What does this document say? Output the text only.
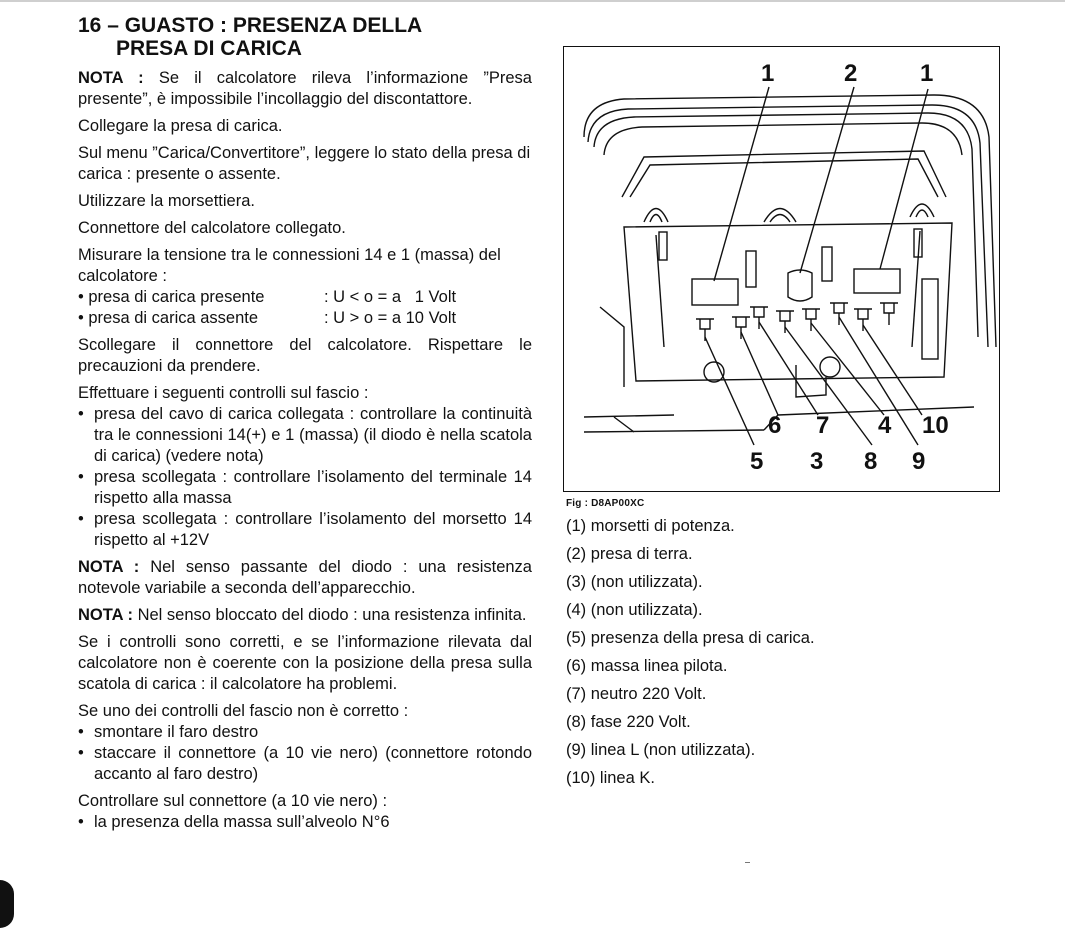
16 – GUASTO : PRESENZA DELLA
PRESA DI CARICA

NOTA : Se il calcolatore rileva l’informazione ”Presa presente”, è impossibile l’incollaggio del discontattore.

Collegare la presa di carica.

Sul menu ”Carica/Convertitore”, leggere lo stato della presa di carica : presente o assente.

Utilizzare la morsettiera.

Connettore del calcolatore collegato.

Misurare la tensione tra le connessioni 14 e 1 (massa) del calcolatore :

• presa di carica presente	: U < o = a   1 Volt
• presa di carica assente	: U > o = a 10 Volt

Scollegare il connettore del calcolatore. Rispettare le precauzioni da prendere.

Effettuare i seguenti controlli sul fascio :

• presa del cavo di carica collegata : controllare la continuità tra le connessioni 14(+) e 1 (massa) (il diodo è nella scatola di carica) (vedere nota)
• presa scollegata : controllare l’isolamento del terminale 14 rispetto alla massa
• presa scollegata : controllare l’isolamento del morsetto 14 rispetto al +12V

NOTA : Nel senso passante del diodo : una resistenza notevole variabile a seconda dell’apparecchio.

NOTA : Nel senso bloccato del diodo : una resistenza infinita.

Se i controlli sono corretti, e se l’informazione rilevata dal calcolatore non è coerente con la posizione della presa sulla scatola di carica : il calcolatore ha problemi.

Se uno dei controlli del fascio non è corretto :

• smontare il faro destro
• staccare il connettore (a 10 vie nero) (connettore rotondo accanto al faro destro)

Controllare sul connettore (a 10 vie nero) :

• la presenza della massa sull’alveolo N°6
1	2	1
6 7 4 10
5 3 8 9
Fig : D8AP00XC
(1) morsetti di potenza.
(2) presa di terra.
(3) (non utilizzata).
(4) (non utilizzata).
(5) presenza della presa di carica.
(6) massa linea pilota.
(7) neutro 220 Volt.
(8) fase 220 Volt.
(9) linea L (non utilizzata).
(10) linea K.
